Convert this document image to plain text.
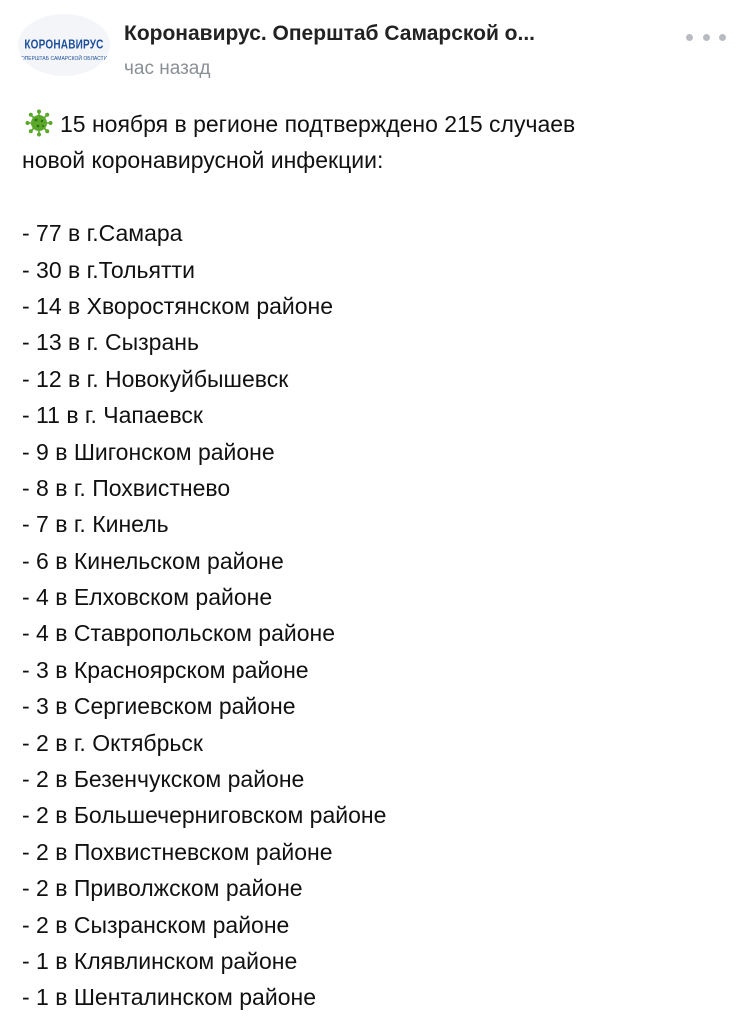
КОРОНАВИРУС
ОПЕРШТАБ САМАРСКОЙ ОБЛАСТИ
Коронавирус. Оперштаб Самарской о...
час назад
15 ноября в регионе подтверждено 215 случаев
новой коронавирусной инфекции:
- 77 в г.Самара
- 30 в г.Тольятти
- 14 в Хворостянском районе
- 13 в г. Сызрань
- 12 в г. Новокуйбышевск
- 11 в г. Чапаевск
- 9 в Шигонском районе
- 8 в г. Похвистнево
- 7 в г. Кинель
- 6 в Кинельском районе
- 4 в Елховском районе
- 4 в Ставропольском районе
- 3 в Красноярском районе
- 3 в Сергиевском районе
- 2 в г. Октябрьск
- 2 в Безенчукском районе
- 2 в Большечерниговском районе
- 2 в Похвистневском районе
- 2 в Приволжском районе
- 2 в Сызранском районе
- 1 в Клявлинском районе
- 1 в Шенталинском районе
